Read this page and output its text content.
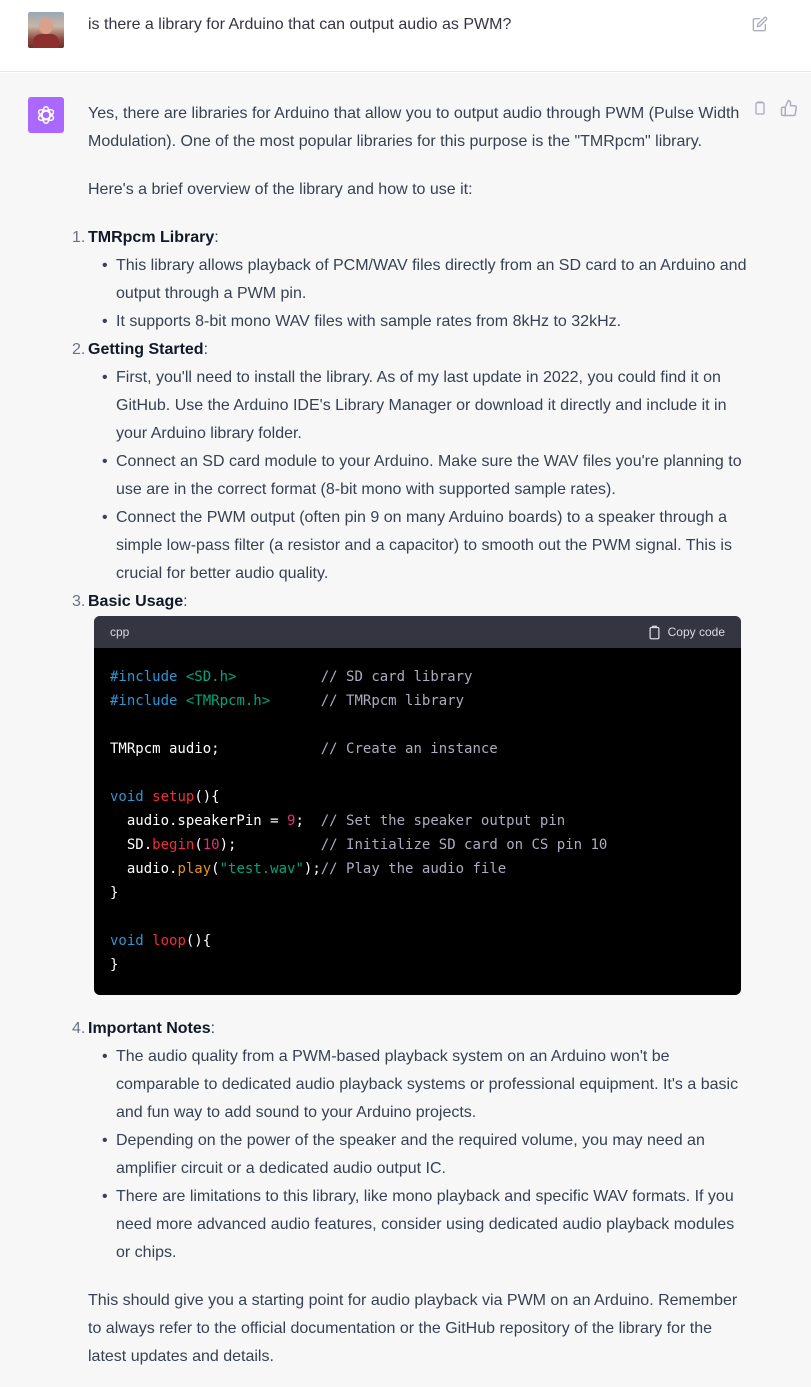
is there a library for Arduino that can output audio as PWM?

Yes, there are libraries for Arduino that allow you to output audio through PWM (Pulse Width Modulation). One of the most popular libraries for this purpose is the "TMRpcm" library.

Here's a brief overview of the library and how to use it:

1. TMRpcm Library:
• This library allows playback of PCM/WAV files directly from an SD card to an Arduino and output through a PWM pin.
• It supports 8-bit mono WAV files with sample rates from 8kHz to 32kHz.
2. Getting Started:
• First, you'll need to install the library. As of my last update in 2022, you could find it on GitHub. Use the Arduino IDE's Library Manager or download it directly and include it in your Arduino library folder.
• Connect an SD card module to your Arduino. Make sure the WAV files you're planning to use are in the correct format (8-bit mono with supported sample rates).
• Connect the PWM output (often pin 9 on many Arduino boards) to a speaker through a simple low-pass filter (a resistor and a capacitor) to smooth out the PWM signal. This is crucial for better audio quality.
3. Basic Usage:
cpp	Copy code
#include <SD.h>	// SD card library
#include <TMRpcm.h>	// TMRpcm library

TMRpcm audio;	// Create an instance

void setup(){
audio.speakerPin = 9; // Set the speaker output pin
SD.begin(10);	// Initialize SD card on CS pin 10
audio.play("test.wav");// Play the audio file
}

void loop(){
}
4. Important Notes:
• The audio quality from a PWM-based playback system on an Arduino won't be comparable to dedicated audio playback systems or professional equipment. It's a basic and fun way to add sound to your Arduino projects.
• Depending on the power of the speaker and the required volume, you may need an amplifier circuit or a dedicated audio output IC.
• There are limitations to this library, like mono playback and specific WAV formats. If you need more advanced audio features, consider using dedicated audio playback modules or chips.

This should give you a starting point for audio playback via PWM on an Arduino. Remember to always refer to the official documentation or the GitHub repository of the library for the latest updates and details.
